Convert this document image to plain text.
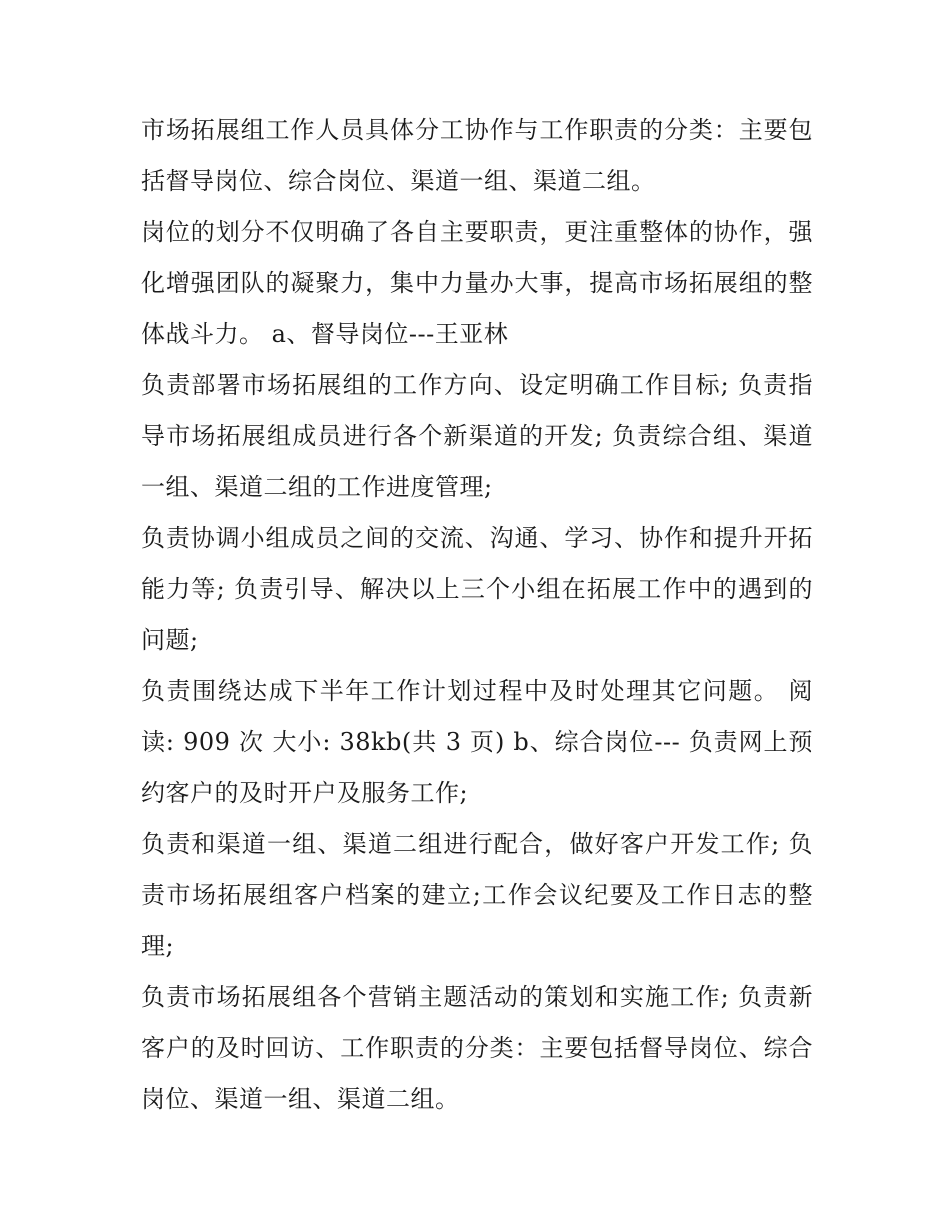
市场拓展组工作人员具体分工协作与工作职责的分类：主要包括督导岗位、综合岗位、渠道一组、渠道二组。

岗位的划分不仅明确了各自主要职责，更注重整体的协作，强化增强团队的凝聚力，集中力量办大事，提高市场拓展组的整体战斗力。 a、督导岗位---王亚林

负责部署市场拓展组的工作方向、设定明确工作目标; 负责指导市场拓展组成员进行各个新渠道的开发; 负责综合组、渠道一组、渠道二组的工作进度管理;

负责协调小组成员之间的交流、沟通、学习、协作和提升开拓能力等; 负责引导、解决以上三个小组在拓展工作中的遇到的问题;

负责围绕达成下半年工作计划过程中及时处理其它问题。 阅读: 909 次 大小: 38kb(共 3 页) b、综合岗位--- 负责网上预约客户的及时开户及服务工作;

负责和渠道一组、渠道二组进行配合，做好客户开发工作; 负责市场拓展组客户档案的建立;工作会议纪要及工作日志的整理;

负责市场拓展组各个营销主题活动的策划和实施工作; 负责新客户的及时回访、工作职责的分类：主要包括督导岗位、综合岗位、渠道一组、渠道二组。
